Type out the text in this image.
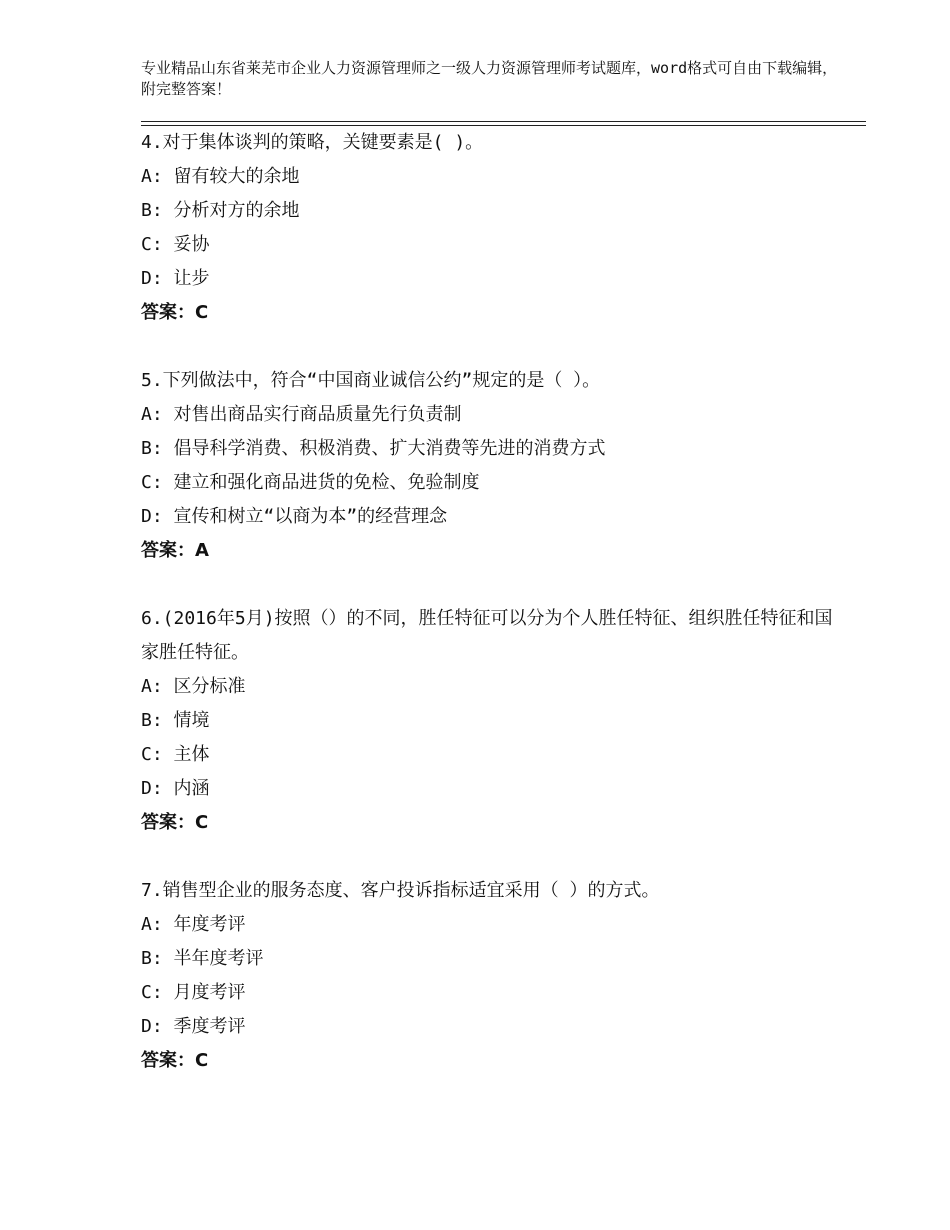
专业精品山东省莱芜市企业人力资源管理师之一级人力资源管理师考试题库，word格式可自由下载编辑，附完整答案！
4.对于集体谈判的策略，关键要素是( )。
A: 留有较大的余地
B: 分析对方的余地
C: 妥协
D: 让步
答案：C
5.下列做法中，符合“中国商业诚信公约”规定的是（ ）。
A: 对售出商品实行商品质量先行负责制
B: 倡导科学消费、积极消费、扩大消费等先进的消费方式
C: 建立和强化商品进货的免检、免验制度
D: 宣传和树立“以商为本”的经营理念
答案：A
6.(2016年5月)按照（）的不同，胜任特征可以分为个人胜任特征、组织胜任特征和国家胜任特征。
A: 区分标准
B: 情境
C: 主体
D: 内涵
答案：C
7.销售型企业的服务态度、客户投诉指标适宜采用（ ）的方式。
A: 年度考评
B: 半年度考评
C: 月度考评
D: 季度考评
答案：C
